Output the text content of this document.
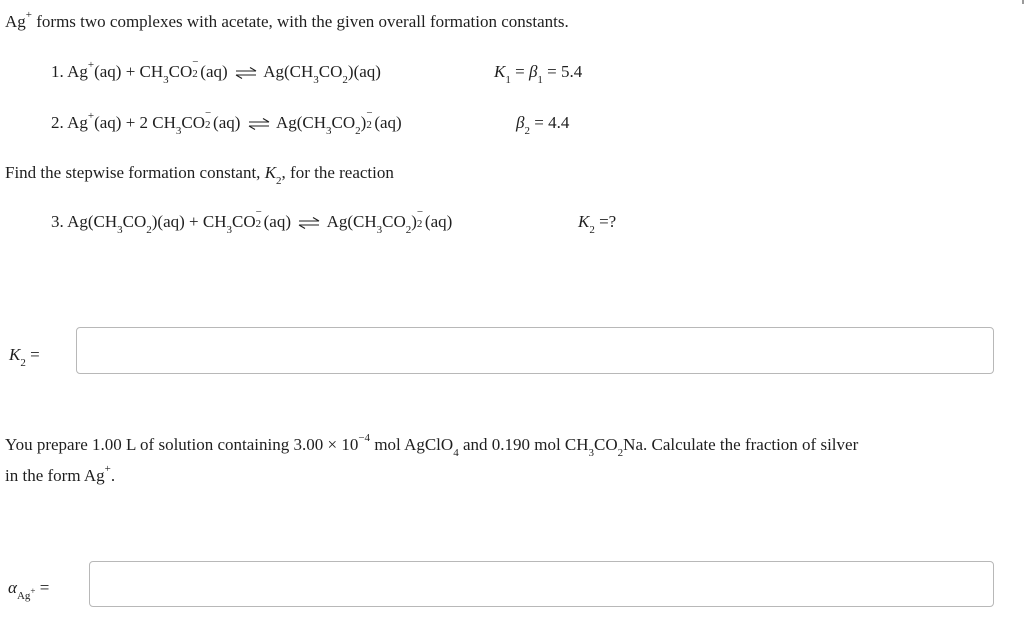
Ag+ forms two complexes with acetate, with the given overall formation constants.
1. $Ag^+(aq) + CH_3CO$ −
2 (aq) ⇌ $Ag(CH_3CO_2)(aq)$	$K_1 = \beta_1 = 5.4$
2. Ag+(aq) + 2 $CH_3CO$ −
2 (aq) ⇌ $Ag(CH_3CO_2)$ −
2 (aq)	$\beta_2 = 4.4$
Find the stepwise formation constant, $K_2$, for the reaction
3. $Ag(CH_3CO_2)(aq) + CH_3CO$ −
2 (aq) ⇌ $Ag(CH_3CO_2)$ −
2 (aq)	$K_2$ =?
$K_2$ =
You prepare 1.00 L of solution containing $3.00 \times 10^{-4}$ mol AgClO$_4$ and 0.190 mol $CH_3CO_2Na$. Calculate the fraction of silver
in the form Ag+.
$\alpha_{Ag^+}$ =
